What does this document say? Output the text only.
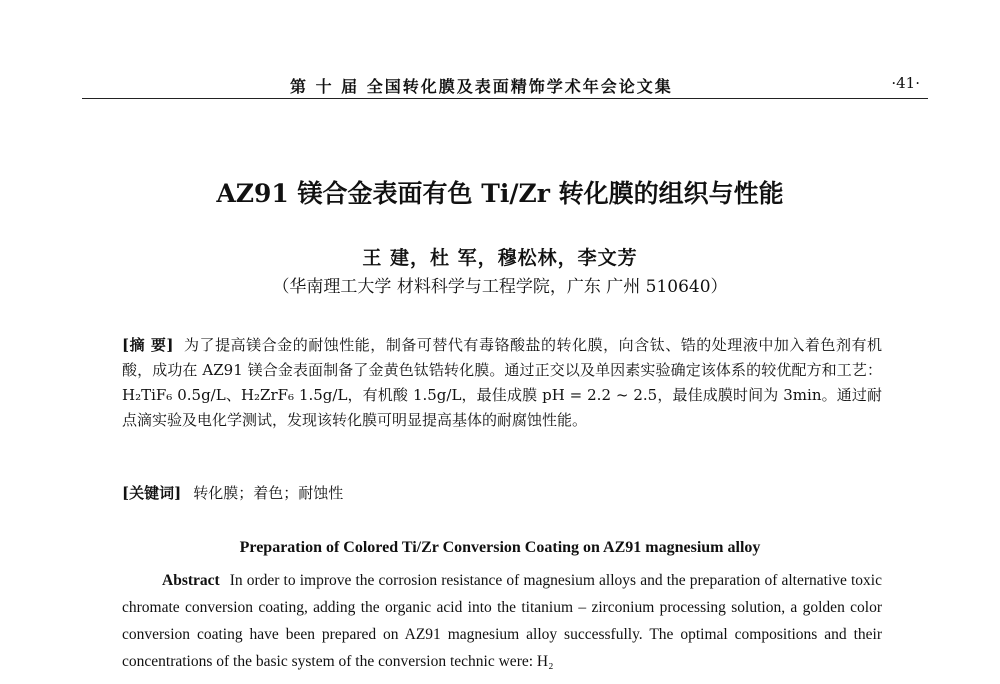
第 十 届 全国转化膜及表面精饰学术年会论文集	·41·
AZ91 镁合金表面有色 Ti/Zr 转化膜的组织与性能
王 建，杜 军，穆松林，李文芳
（华南理工大学 材料科学与工程学院，广东 广州 510640）
[摘 要] 为了提高镁合金的耐蚀性能，制备可替代有毒铬酸盐的转化膜，向含钛、锆的处理液中加入着色剂有机酸，成功在 AZ91 镁合金表面制备了金黄色钛锆转化膜。通过正交以及单因素实验确定该体系的较优配方和工艺：H₂TiF₆ 0.5g/L、H₂ZrF₆ 1.5g/L，有机酸 1.5g/L，最佳成膜 pH = 2.2 ~ 2.5，最佳成膜时间为 3min。通过耐点滴实验及电化学测试，发现该转化膜可明显提高基体的耐腐蚀性能。
[关键词] 转化膜；着色；耐蚀性
Preparation of Colored Ti/Zr Conversion Coating on AZ91 magnesium alloy
Abstract In order to improve the corrosion resistance of magnesium alloys and the preparation of alternative toxic chromate conversion coating, adding the organic acid into the titanium – zirconium processing solution, a golden color conversion coating have been prepared on AZ91 magnesium alloy successfully. The optimal compositions and their concentrations of the basic system of the conversion technic were: H₂
